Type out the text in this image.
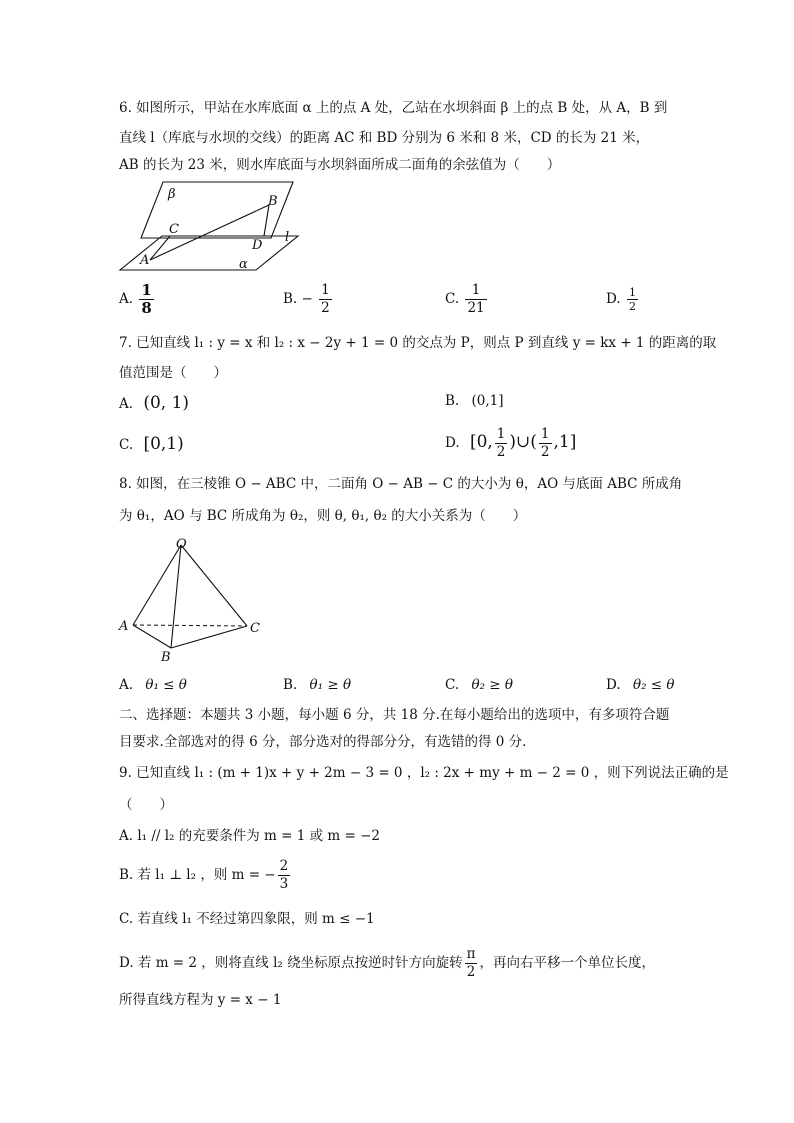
6. 如图所示，甲站在水库底面 α 上的点 A 处，乙站在水坝斜面 β 上的点 B 处，从 A，B 到
直线 l（库底与水坝的交线）的距离 AC 和 BD 分别为 6 米和 8 米，CD 的长为 21 米，
AB 的长为 23 米，则水库底面与水坝斜面所成二面角的余弦值为（　　）
β	B
C
D
l
A	α
A. $\frac{1}{8}$	B. − $\frac{1}{2}$	C. $\frac{1}{21}$	D. $\frac{1}{2}$
7. 已知直线 l₁ : y = x 和 l₂ : x − 2y + 1 = 0 的交点为 P，则点 P 到直线 y = kx + 1 的距离的取
值范围是（　　）
A. (0, 1)	B. (0,1]
C. [0,1)	D. [0, $\frac{1}{2}$ )∪( $\frac{1}{2} ,1$]
8. 如图，在三棱锥 O − ABC 中，二面角 O − AB − C 的大小为 θ，AO 与底面 ABC 所成角
为 θ₁，AO 与 BC 所成角为 θ₂，则 θ, θ₁, θ₂ 的大小关系为（　　）
O
A
B
C
A. θ₁ ≤ θ	B. θ₁ ≥ θ	C. θ₂ ≥ θ	D. θ₂ ≤ θ
二、选择题：本题共 3 小题，每小题 6 分，共 18 分.在每小题给出的选项中，有多项符合题
目要求.全部选对的得 6 分，部分选对的得部分分，有选错的得 0 分.
9. 已知直线 l₁ : (m + 1)x + y + 2m − 3 = 0 ，l₂ : 2x + my + m − 2 = 0 ，则下列说法正确的是
（　　）
A. l₁ // l₂ 的充要条件为 m = 1 或 m = −2
B. 若 l₁ ⊥ l₂ ，则 m = − $\frac{2}{3}$
C. 若直线 l₁ 不经过第四象限，则 m ≤ −1
D. 若 m = 2 ，则将直线 l₂ 绕坐标原点按逆时针方向旋转 $\frac{\pi}{2}$ ，再向右平移一个单位长度，
所得直线方程为 y = x − 1
